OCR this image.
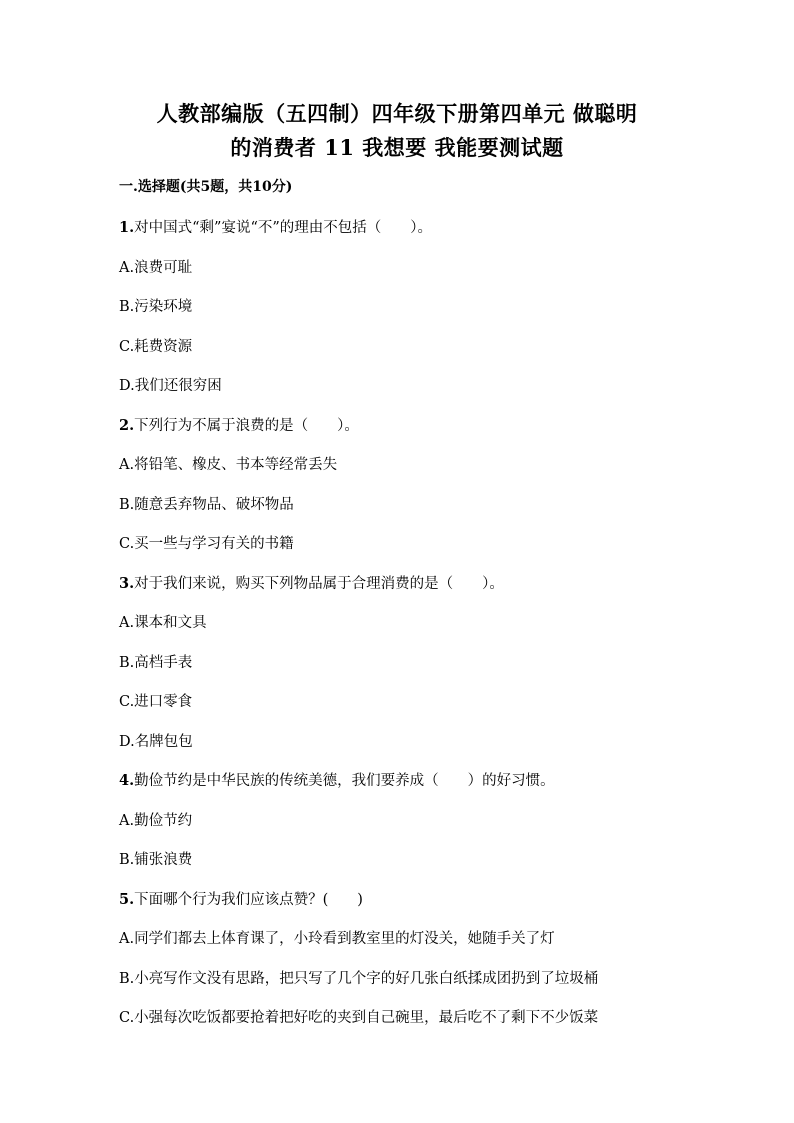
人教部编版（五四制）四年级下册第四单元 做聪明
的消费者 11 我想要 我能要测试题
一.选择题(共5题，共10分)
1.对中国式“剩”宴说“不”的理由不包括（　　）。
A.浪费可耻
B.污染环境
C.耗费资源
D.我们还很穷困
2.下列行为不属于浪费的是（　　）。
A.将铅笔、橡皮、书本等经常丢失
B.随意丢弃物品、破坏物品
C.买一些与学习有关的书籍
3.对于我们来说，购买下列物品属于合理消费的是（　　）。
A.课本和文具
B.高档手表
C.进口零食
D.名牌包包
4.勤俭节约是中华民族的传统美德，我们要养成（　　）的好习惯。
A.勤俭节约
B.铺张浪费
5.下面哪个行为我们应该点赞？(　　)
A.同学们都去上体育课了，小玲看到教室里的灯没关，她随手关了灯
B.小亮写作文没有思路，把只写了几个字的好几张白纸揉成团扔到了垃圾桶
C.小强每次吃饭都要抢着把好吃的夹到自己碗里，最后吃不了剩下不少饭菜
